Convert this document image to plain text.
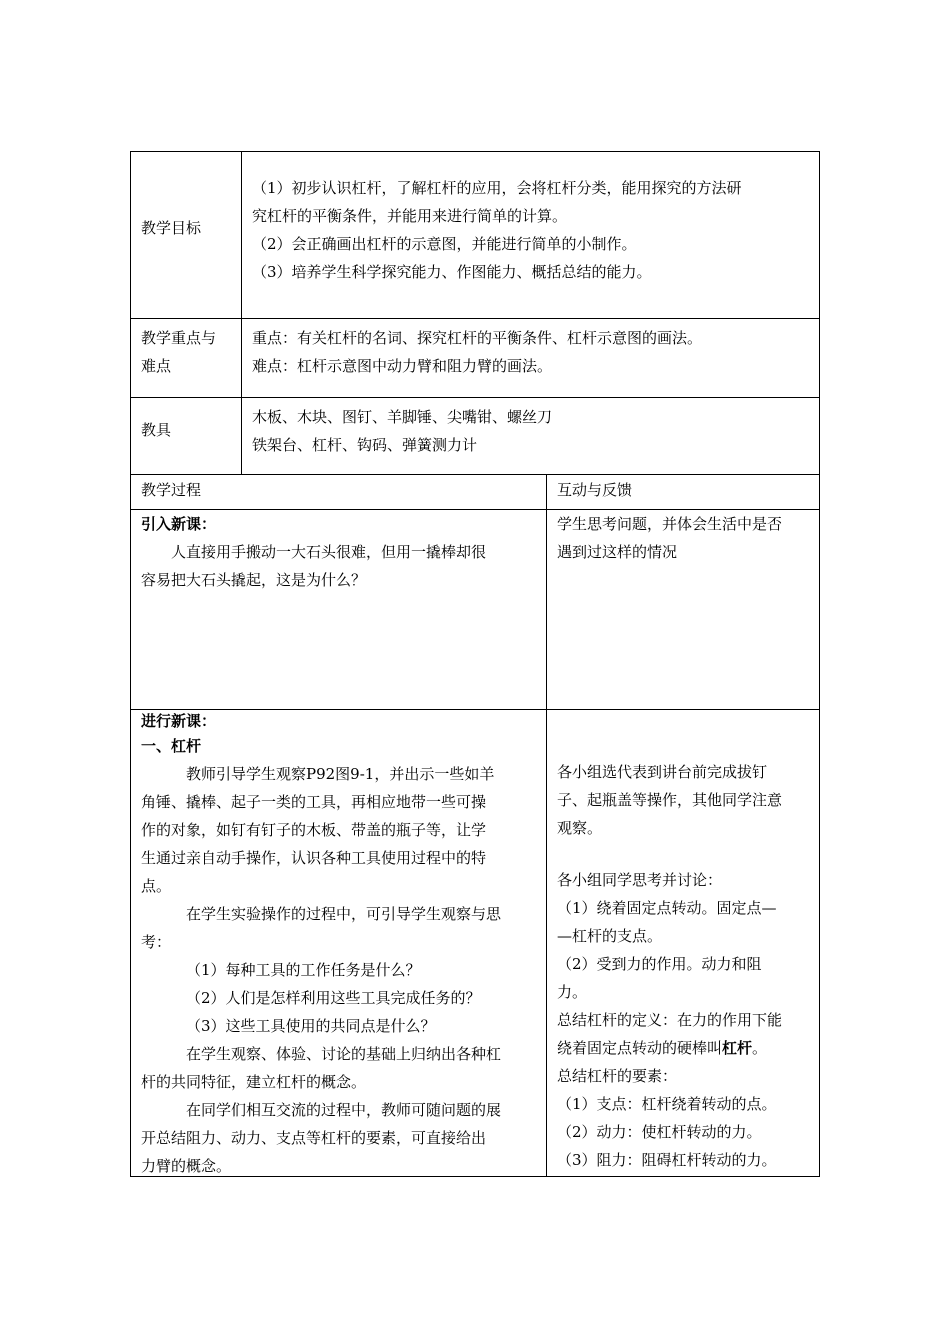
教学目标

（1）初步认识杠杆，了解杠杆的应用，会将杠杆分类，能用探究的方法研

究杠杆的平衡条件，并能用来进行简单的计算。

（2）会正确画出杠杆的示意图，并能进行简单的小制作。

（3）培养学生科学探究能力、作图能力、概括总结的能力。

教学重点与

难点

重点：有关杠杆的名词、探究杠杆的平衡条件、杠杆示意图的画法。

难点：杠杆示意图中动力臂和阻力臂的画法。

教具

木板、木块、图钉、羊脚锤、尖嘴钳、螺丝刀

铁架台、杠杆、钩码、弹簧测力计

教学过程	互动与反馈

引入新课：

人直接用手搬动一大石头很难，但用一撬棒却很

容易把大石头撬起，这是为什么？

学生思考问题，并体会生活中是否

遇到过这样的情况

进行新课：

一、杠杆

教师引导学生观察P92图9-1，并出示一些如羊

角锤、撬棒、起子一类的工具，再相应地带一些可操

作的对象，如钉有钉子的木板、带盖的瓶子等，让学

生通过亲自动手操作，认识各种工具使用过程中的特

点。

在学生实验操作的过程中，可引导学生观察与思

考：

（1）每种工具的工作任务是什么？

（2）人们是怎样利用这些工具完成任务的？

（3）这些工具使用的共同点是什么？

在学生观察、体验、讨论的基础上归纳出各种杠

杆的共同特征，建立杠杆的概念。

在同学们相互交流的过程中，教师可随问题的展

开总结阻力、动力、支点等杠杆的要素，可直接给出

力臂的概念。

各小组选代表到讲台前完成拔钉

子、起瓶盖等操作，其他同学注意

观察。

各小组同学思考并讨论：

（1）绕着固定点转动。固定点—

—杠杆的支点。

（2）受到力的作用。动力和阻

力。

总结杠杆的定义：在力的作用下能

绕着固定点转动的硬棒叫杠杆。

总结杠杆的要素：

（1）支点：杠杆绕着转动的点。

（2）动力：使杠杆转动的力。

（3）阻力：阻碍杠杆转动的力。
